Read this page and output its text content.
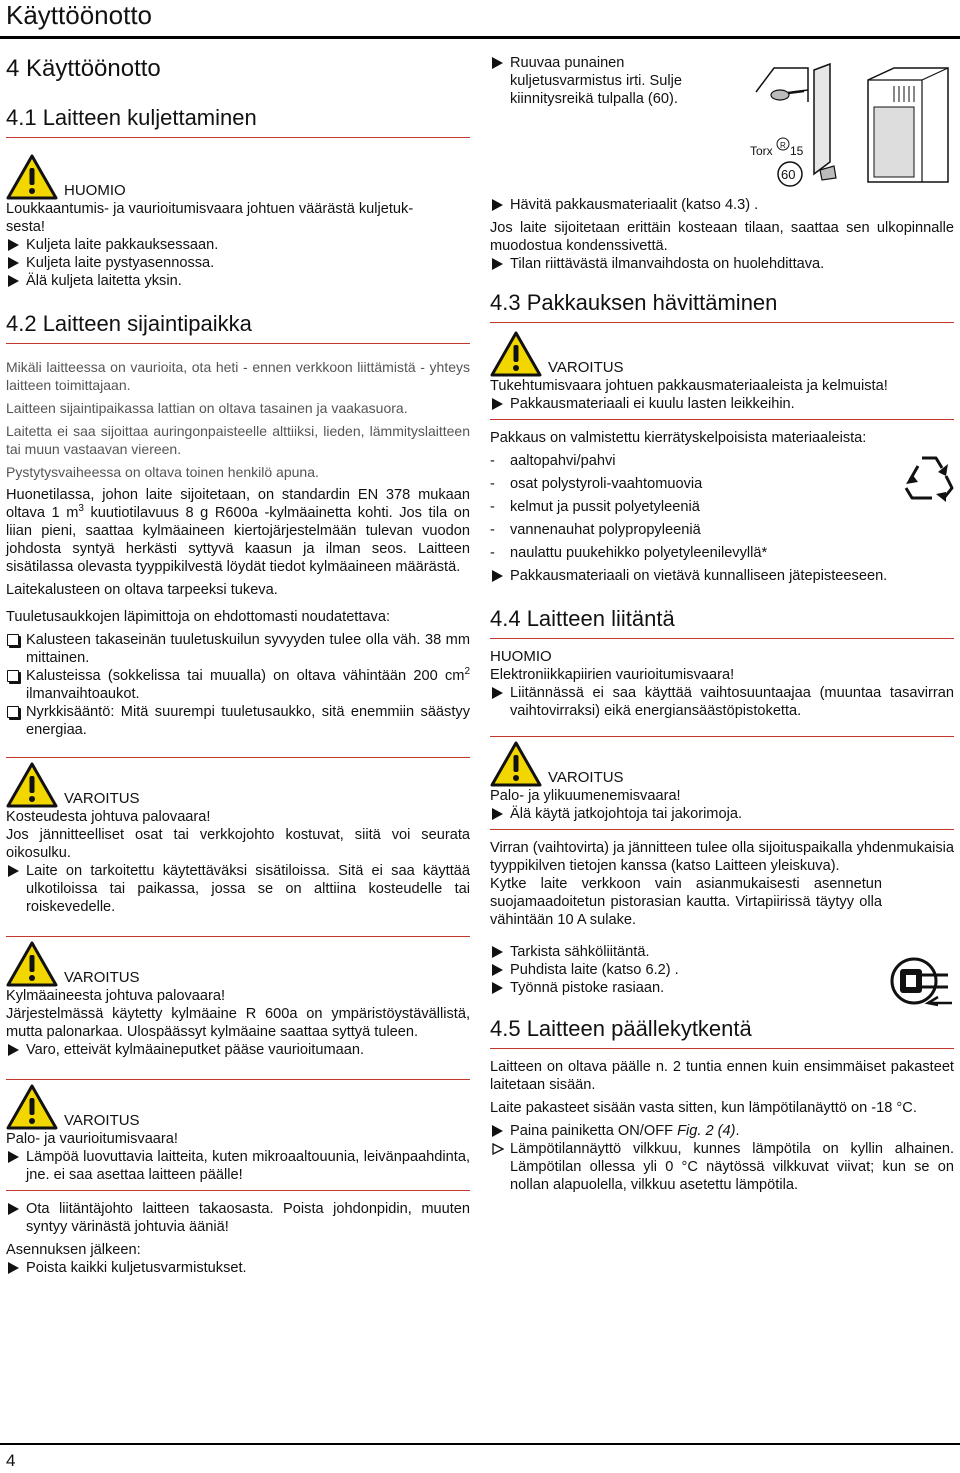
Käyttöönotto
4 Käyttöönotto
4.1 Laitteen kuljettaminen
HUOMIO

Loukkaantumis- ja vaurioitumisvaara johtuen väärästä kuljetuk-

sesta!

Kuljeta laite pakkauksessaan.

Kuljeta laite pystyasennossa.

Älä kuljeta laitetta yksin.

4.2 Laitteen sijaintipaikka

Mikäli laitteessa on vaurioita, ota heti - ennen verkkoon liittämistä - yhteys laitteen toimittajaan.

Laitteen sijaintipaikassa lattian on oltava tasainen ja vaakasuora.

Laitetta ei saa sijoittaa auringonpaisteelle alttiiksi, lieden, lämmityslaitteen tai muun vastaavan viereen.

Pystytysvaiheessa on oltava toinen henkilö apuna.

Huonetilassa, johon laite sijoitetaan, on standardin EN 378 mukaan oltava 1 $m^3$ kuutiotilavuus 8 g R600a -kylmäainetta kohti. Jos tila on liian pieni, saattaa kylmäaineen kiertojärjestelmään tulevan vuodon johdosta syntyä herkästi syttyvä kaasun ja ilman seos. Laitteen sisätilassa olevasta tyyppikilvestä löydät tiedot kylmäaineen määrästä.

Laitekalusteen on oltava tarpeeksi tukeva.

Tuuletusaukkojen läpimittoja on ehdottomasti noudatettava:

Kalusteen takaseinän tuuletuskuilun syvyyden tulee olla väh. 38 mm mittainen.

Kalusteissa (sokkelissa tai muualla) on oltava vähintään 200 $cm^2$ ilmanvaihtoaukot.

Nyrkkisääntö: Mitä suurempi tuuletusaukko, sitä enemmiin säästyy energiaa.

VAROITUS

Kosteudesta johtuva palovaara!

Jos jännitteelliset osat tai verkkojohto kostuvat, siitä voi seurata oikosulku.

Laite on tarkoitettu käytettäväksi sisätiloissa. Sitä ei saa käyttää ulkotiloissa tai paikassa, jossa se on alttiina kosteudelle tai roiskevedelle.

VAROITUS

Kylmäaineesta johtuva palovaara!

Järjestelmässä käytetty kylmäaine R 600a on ympäristöystävällistä, mutta palonarkaa. Ulospäässyt kylmäaine saattaa syttyä tuleen.

Varo, etteivät kylmäaineputket pääse vaurioitumaan.

VAROITUS

Palo- ja vaurioitumisvaara!

Lämpöä luovuttavia laitteita, kuten mikroaaltouunia, leivänpaahdinta, jne. ei saa asettaa laitteen päälle!

Ota liitäntäjohto laitteen takaosasta. Poista johdonpidin, muuten syntyy värinästä johtuvia ääniä!

Asennuksen jälkeen:

Poista kaikki kuljetusvarmistukset.

Ruuvaa punainen kuljetusvarmistus irti. Sulje kiinnitysreikä tulpalla (60).

Torx R 15
60

Hävitä pakkausmateriaalit (katso 4.3) .

Jos laite sijoitetaan erittäin kosteaan tilaan, saattaa sen ulkopinnalle muodostua kondenssivettä.

Tilan riittävästä ilmanvaihdosta on huolehdittava.

4.3 Pakkauksen hävittäminen
VAROITUS

Tukehtumisvaara johtuen pakkausmateriaaleista ja kelmuista!

Pakkausmateriaali ei kuulu lasten leikkeihin.

Pakkaus on valmistettu kierrätyskelpoisista materiaaleista:

- aaltopahvi/pahvi

- osat polystyroli-vaahtomuovia

- kelmut ja pussit polyetyleeniä

- vannenauhat polypropyleeniä

- naulattu puukehikko polyetyleenilevyllä*

Pakkausmateriaali on vietävä kunnalliseen jätepisteeseen.

4.4 Laitteen liitäntä

HUOMIO

Elektroniikkapiirien vaurioitumisvaara!

Liitännässä ei saa käyttää vaihtosuuntaajaa (muuntaa tasavirran vaihtovirraksi) eikä energiansäästöpistoketta.

VAROITUS

Palo- ja ylikuumenemisvaara!

Älä käytä jatkojohtoja tai jakorimoja.

Virran (vaihtovirta) ja jännitteen tulee olla sijoituspaikalla yhdenmukaisia tyyppikilven tietojen kanssa (katso Laitteen yleiskuva).

Kytke laite verkkoon vain asianmukaisesti asennetun suojamaadoitetun pistorasian kautta. Virtapiirissä täytyy olla vähintään 10 A sulake.

Tarkista sähköliitäntä.

Puhdista laite (katso 6.2) .

Työnnä pistoke rasiaan.

4.5 Laitteen päällekytkentä

Laitteen on oltava päälle n. 2 tuntia ennen kuin ensimmäiset pakasteet laitetaan sisään.

Laite pakasteet sisään vasta sitten, kun lämpötilanäyttö on -18 °C.

Paina painiketta ON/OFF Fig. 2 (4).

Lämpötilannäyttö vilkkuu, kunnes lämpötila on kyllin alhainen. Lämpötilan ollessa yli 0 °C näytössä vilkkuvat viivat; kun se on nollan alapuolella, vilkkuu asetettu lämpötila.

4
